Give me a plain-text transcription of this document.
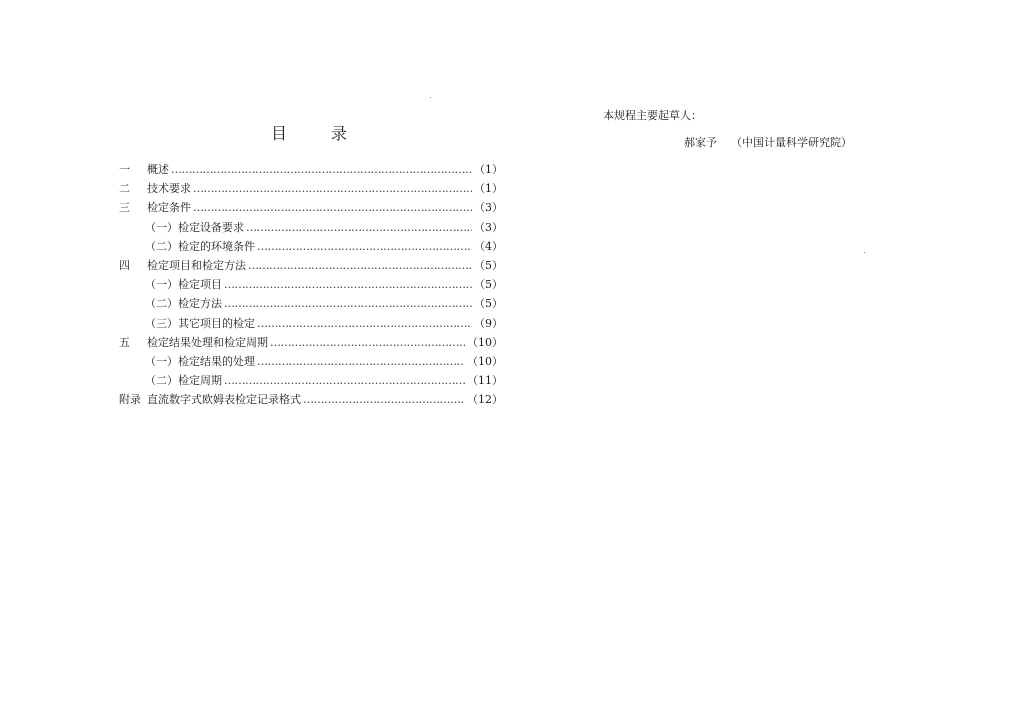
目	录
一	概述 ……………………………………………………………………………………………………………………………………………………	（1）
二	技术要求 ……………………………………………………………………………………………………………………………………………………	（1）
三	检定条件 ……………………………………………………………………………………………………………………………………………………	（3）
（一）检定设备要求 ……………………………………………………………………………………………………………………………………………………	（3）
（二）检定的环境条件 ……………………………………………………………………………………………………………………………………………………	（4）
四	检定项目和检定方法 ……………………………………………………………………………………………………………………………………………………	（5）
（一）检定项目 ……………………………………………………………………………………………………………………………………………………	（5）
（二）检定方法 ……………………………………………………………………………………………………………………………………………………	（5）
（三）其它项目的检定 ……………………………………………………………………………………………………………………………………………………	（9）
五	检定结果处理和检定周期 ……………………………………………………………………………………………………………………………………………………	（10）
（一）检定结果的处理 ……………………………………………………………………………………………………………………………………………………	（10）
（二）检定周期 ……………………………………………………………………………………………………………………………………………………	（11）
附录 直流数字式欧姆表检定记录格式 ……………………………………………………………………………………………………………………………………………………	（12）
本规程主要起草人：
郝家予 （中国计量科学研究院）
